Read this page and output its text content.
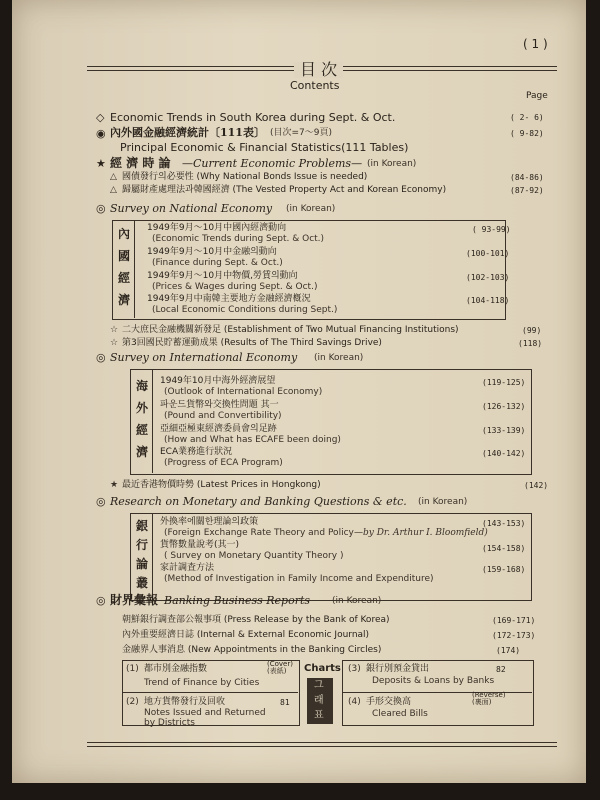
( 1 )
目 次
Contents
Page
◇ Economic Trends in South Korea during Sept. & Oct.	( 2- 6)
◉ 內外國金融經濟統計〔111表〕 (目次=7〜9頁)	( 9-82)
Principal Economic & Financial Statistics(111 Tables)
★ 經 濟 時 論 —Current Economic Problems— (in Korean)
△ 國債發行의必要性 (Why National Bonds Issue is needed)	(84-86)
△ 歸屬財產處理法과韓國經濟 (The Vested Property Act and Korean Economy)	(87-92)
◎ Survey on National Economy (in Korean)
內
國
經
濟
1949年9月〜10月中國內經濟動向
(Economic Trends during Sept. & Oct.)
( 93-99)
1949年9月〜10月中金融의動向
(Finance during Sept. & Oct.)
(100-101)
1949年9月〜10月中物價,勞賃의動向
(Prices & Wages during Sept. & Oct.)
(102-103)
1949年9月中南韓主要地方金融經濟槪況
(Local Economic Conditions during Sept.)
(104-118)
☆ 二大庶民金融機關新發足 (Establishment of Two Mutual Financing Institutions)	(99)
☆ 第3回國民貯蓄運動成果 (Results of The Third Savings Drive)	(118)
◎ Survey on International Economy (in Korean)
海
外
經
濟
1949年10月中海外經濟展望
(Outlook of International Economy)
(119-125)
파운드貨幣와交換性問題 其一
(Pound and Convertibility)
(126-132)
亞細亞極東經濟委員會의足跡
(How and What has ECAFE been doing)
(133-139)
ECA業務進行狀況
(Progress of ECA Program)
(140-142)
★ 最近香港物價時勢 (Latest Prices in Hongkong)	(142)
◎ Research on Monetary and Banking Questions & etc. (in Korean)
銀
行
論
叢
外換率에關한理論의政策
(Foreign Exchange Rate Theory and Policy —by Dr. Arthur I. Bloomfield)
(143-153)
貨幣數量說考(其一)
( Survey on Monetary Quantity Theory )
(154-158)
家計調査方法
(Method of Investigation in Family Income and Expenditure)
(159-168)
◎ 財界彙報 Banking Business Reports (in Korean)
朝鮮銀行調查部公報事項 (Press Release by the Bank of Korea)	(169-171)
內外重要經濟日誌 (Internal & External Economic Journal)	(172-173)
金融界人事消息 (New Appointments in the Banking Circles)	(174)
Charts
그
래
표
(1) 都市別金融指數	(Cover)
(表紙)
Trend of Finance by Cities
(2) 地方貨幣發行及回收	81
Notes Issued and Returned
by Districts
(3) 銀行別預金貸出	82
Deposits & Loans by Banks
(4) 手形交換高
(Reverse)
(裏面)
Cleared Bills
